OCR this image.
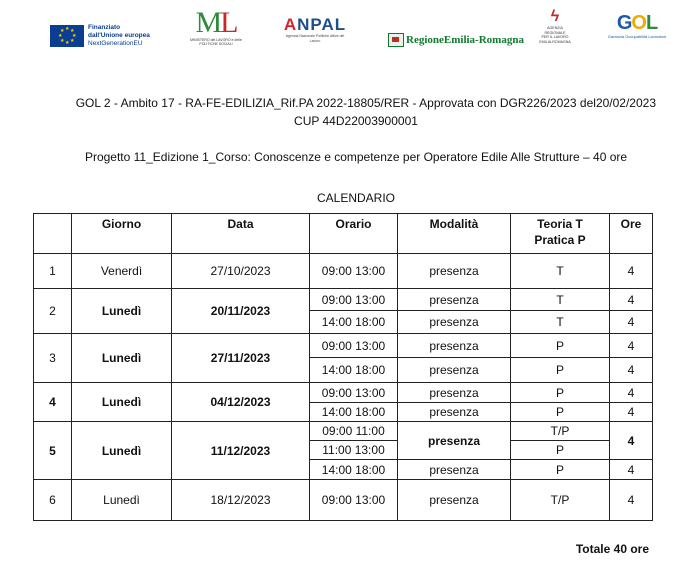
★ ★
★
★
★
★
★
★	Finanziato
dall'Unione europea
NextGenerationEU
ML
MINISTERO del LAVORO e delle POLITICHE SOCIALI
ANPAL
Agenzia Nazionale Politiche Attive del Lavoro	RegioneEmilia-Romagna
ϟ
AGENZIA
REGIONALE
PER IL LAVORO
EMILIA-ROMAGNA
GOL
Garanzia Occupabilità Lavoratori
GOL 2 - Ambito 17 - RA-FE-EDILIZIA_Rif.PA 2022-18805/RER - Approvata con DGR226/2023 del20/02/2023
CUP 44D22003900001
Progetto 11_Edizione 1_Corso: Conoscenze e competenze per Operatore Edile Alle Strutture – 40 ore
CALENDARIO
	Giorno	Data	Orario	Modalità	Teoria T
Pratica P	Ore
1	Venerdì	27/10/2023	09:00 13:00	presenza	T	4
2	Lunedì	20/11/2023	09:00 13:00	presenza	T	4
			14:00 18:00	presenza	T	4
3	Lunedì	27/11/2023	09:00 13:00	presenza	P	4
			14:00 18:00	presenza	P	4
4	Lunedì	04/12/2023	09:00 13:00	presenza	P	4
			14:00 18:00	presenza	P	4
5	Lunedì	11/12/2023	09:00 11:00	presenza	T/P	4
			11:00 13:00		P	
			14:00 18:00	presenza	P	4
6	Lunedì	18/12/2023	09:00 13:00	presenza	T/P	4
Totale 40 ore
